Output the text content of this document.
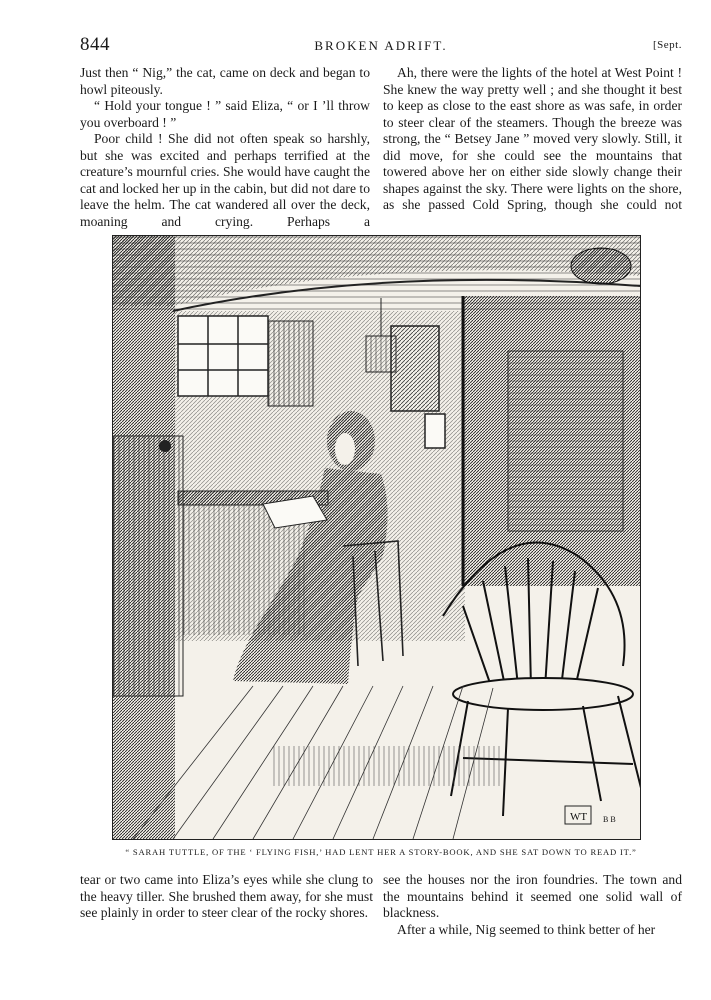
844	BROKEN ADRIFT.	[Sept.

Just then “ Nig,” the cat, came on deck and began to howl piteously.

“ Hold your tongue ! ” said Eliza, “ or I ’ll throw you overboard ! ”

Poor child ! She did not often speak so harshly, but she was excited and perhaps terrified at the creature’s mournful cries. She would have caught the cat and locked her up in the cabin, but did not dare to leave the helm. The cat wandered all over the deck, moaning and crying. Perhaps a

Ah, there were the lights of the hotel at West Point ! She knew the way pretty well ; and she thought it best to keep as close to the east shore as was safe, in order to steer clear of the steamers. Though the breeze was strong, the “ Betsey Jane ” moved very slowly. Still, it did move, for she could see the mountains that towered above her on either side slowly change their shapes against the sky. There were lights on the shore, as she passed Cold Spring, though she could not

WT B B
“ SARAH TUTTLE, OF THE ‘ FLYING FISH,’ HAD LENT HER A STORY-BOOK, AND SHE SAT DOWN TO READ IT.”

tear or two came into Eliza’s eyes while she clung to the heavy tiller. She brushed them away, for she must see plainly in order to steer clear of the rocky shores.

see the houses nor the iron foundries. The town and the mountains behind it seemed one solid wall of blackness.

After a while, Nig seemed to think better of her
